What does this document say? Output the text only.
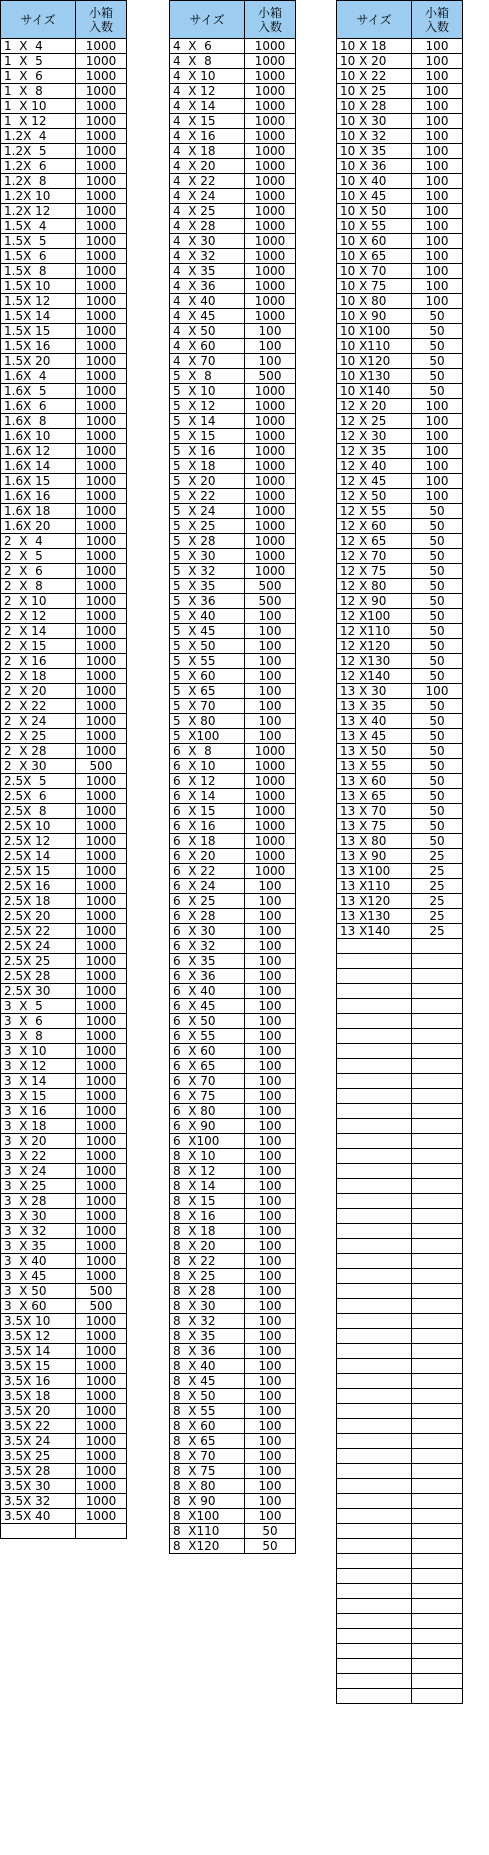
サイズ	小箱
入数

1  X  4	1000
1  X  5	1000
1  X  6	1000
1  X  8	1000
1  X 10	1000
1  X 12	1000
1.2X  4	1000
1.2X  5	1000
1.2X  6	1000
1.2X  8	1000
1.2X 10	1000
1.2X 12	1000
1.5X  4	1000
1.5X  5	1000
1.5X  6	1000
1.5X  8	1000
1.5X 10	1000
1.5X 12	1000
1.5X 14	1000
1.5X 15	1000
1.5X 16	1000
1.5X 20	1000
1.6X  4	1000
1.6X  5	1000
1.6X  6	1000
1.6X  8	1000
1.6X 10	1000
1.6X 12	1000
1.6X 14	1000
1.6X 15	1000
1.6X 16	1000
1.6X 18	1000
1.6X 20	1000
2  X  4	1000
2  X  5	1000
2  X  6	1000
2  X  8	1000
2  X 10	1000
2  X 12	1000
2  X 14	1000
2  X 15	1000
2  X 16	1000
2  X 18	1000
2  X 20	1000
2  X 22	1000
2  X 24	1000
2  X 25	1000
2  X 28	1000
2  X 30	500
2.5X  5	1000
2.5X  6	1000
2.5X  8	1000
2.5X 10	1000
2.5X 12	1000
2.5X 14	1000
2.5X 15	1000
2.5X 16	1000
2.5X 18	1000
2.5X 20	1000
2.5X 22	1000
2.5X 24	1000
2.5X 25	1000
2.5X 28	1000
2.5X 30	1000
3  X  5	1000
3  X  6	1000
3  X  8	1000
3  X 10	1000
3  X 12	1000
3  X 14	1000
3  X 15	1000
3  X 16	1000
3  X 18	1000
3  X 20	1000
3  X 22	1000
3  X 24	1000
3  X 25	1000
3  X 28	1000
3  X 30	1000
3  X 32	1000
3  X 35	1000
3  X 40	1000
3  X 45	1000
3  X 50	500
3  X 60	500
3.5X 10	1000
3.5X 12	1000
3.5X 14	1000
3.5X 15	1000
3.5X 16	1000
3.5X 18	1000
3.5X 20	1000
3.5X 22	1000
3.5X 24	1000
3.5X 25	1000
3.5X 28	1000
3.5X 30	1000
3.5X 32	1000
3.5X 40	1000

サイズ	小箱
入数

4  X  6	1000
4  X  8	1000
4  X 10	1000
4  X 12	1000
4  X 14	1000
4  X 15	1000
4  X 16	1000
4  X 18	1000
4  X 20	1000
4  X 22	1000
4  X 24	1000
4  X 25	1000
4  X 28	1000
4  X 30	1000
4  X 32	1000
4  X 35	1000
4  X 36	1000
4  X 40	1000
4  X 45	1000
4  X 50	100
4  X 60	100
4  X 70	100
5  X  8	500
5  X 10	1000
5  X 12	1000
5  X 14	1000
5  X 15	1000
5  X 16	1000
5  X 18	1000
5  X 20	1000
5  X 22	1000
5  X 24	1000
5  X 25	1000
5  X 28	1000
5  X 30	1000
5  X 32	1000
5  X 35	500
5  X 36	500
5  X 40	100
5  X 45	100
5  X 50	100
5  X 55	100
5  X 60	100
5  X 65	100
5  X 70	100
5  X 80	100
5  X100	100
6  X  8	1000
6  X 10	1000
6  X 12	1000
6  X 14	1000
6  X 15	1000
6  X 16	1000
6  X 18	1000
6  X 20	1000
6  X 22	1000
6  X 24	100
6  X 25	100
6  X 28	100
6  X 30	100
6  X 32	100
6  X 35	100
6  X 36	100
6  X 40	100
6  X 45	100
6  X 50	100
6  X 55	100
6  X 60	100
6  X 65	100
6  X 70	100
6  X 75	100
6  X 80	100
6  X 90	100
6  X100	100
8  X 10	100
8  X 12	100
8  X 14	100
8  X 15	100
8  X 16	100
8  X 18	100
8  X 20	100
8  X 22	100
8  X 25	100
8  X 28	100
8  X 30	100
8  X 32	100
8  X 35	100
8  X 36	100
8  X 40	100
8  X 45	100
8  X 50	100
8  X 55	100
8  X 60	100
8  X 65	100
8  X 70	100
8  X 75	100
8  X 80	100
8  X 90	100
8  X100	100
8  X110	50
8  X120	50
サイズ	小箱
入数

10 X 18	100
10 X 20	100
10 X 22	100
10 X 25	100
10 X 28	100
10 X 30	100
10 X 32	100
10 X 35	100
10 X 36	100
10 X 40	100
10 X 45	100
10 X 50	100
10 X 55	100
10 X 60	100
10 X 65	100
10 X 70	100
10 X 75	100
10 X 80	100
10 X 90	50
10 X100	50
10 X110	50
10 X120	50
10 X130	50
10 X140	50
12 X 20	100
12 X 25	100
12 X 30	100
12 X 35	100
12 X 40	100
12 X 45	100
12 X 50	100
12 X 55	50
12 X 60	50
12 X 65	50
12 X 70	50
12 X 75	50
12 X 80	50
12 X 90	50
12 X100	50
12 X110	50
12 X120	50
12 X130	50
12 X140	50
13 X 30	100
13 X 35	50
13 X 40	50
13 X 45	50
13 X 50	50
13 X 55	50
13 X 60	50
13 X 65	50
13 X 70	50
13 X 75	50
13 X 80	50
13 X 90	25
13 X100	25
13 X110	25
13 X120	25
13 X130	25
13 X140	25
